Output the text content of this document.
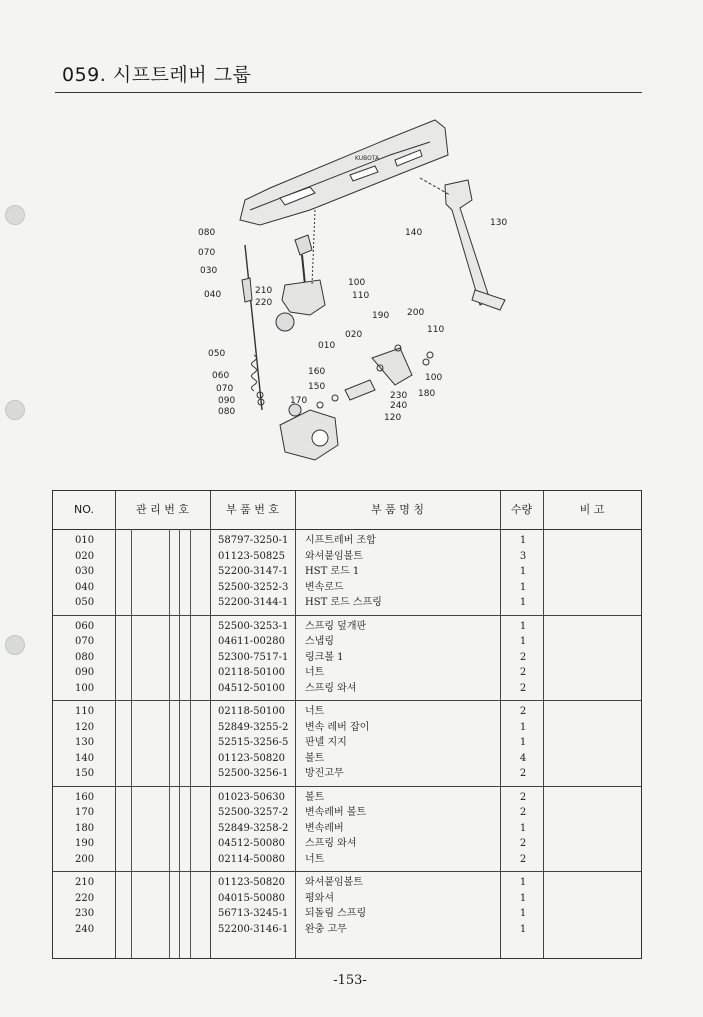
059. 시프트레버 그룹
KUBOTA
080
070
030
040	210
220
050
060
070
090
080
010
020
100
110
140
130
190 200
110
160
150
170
100
180
230
240
120
NO.	관 리 번 호	부 품 번 호	부 품 명 칭	수량	비 고
010	58797-3250-1	시프트레버 조합	1
020	01123-50825	와셔붙임볼트	3
030	52200-3147-1	HST 로드 1	1
040	52500-3252-3	변속로드	1
050	52200-3144-1	HST 로드 스프링	1
060	52500-3253-1	스프링 덮개판	1
070	04611-00280	스냅링	1
080	52300-7517-1	링크볼 1	2
090	02118-50100	너트	2
100	04512-50100	스프링 와셔	2
110	02118-50100	너트	2
120	52849-3255-2	변속 레버 잡이	1
130	52515-3256-5	판넬 지지	1
140	01123-50820	볼트	4
150	52500-3256-1	방진고무	2
160	01023-50630	볼트	2
170	52500-3257-2	변속레버 볼트	2
180	52849-3258-2	변속레버	1
190	04512-50080	스프링 와셔	2
200	02114-50080	너트	2
210	01123-50820	와셔붙임볼트	1
220	04015-50080	평와셔	1
230	56713-3245-1	되돌림 스프링	1
240	52200-3146-1	완충 고무	1
-153-
